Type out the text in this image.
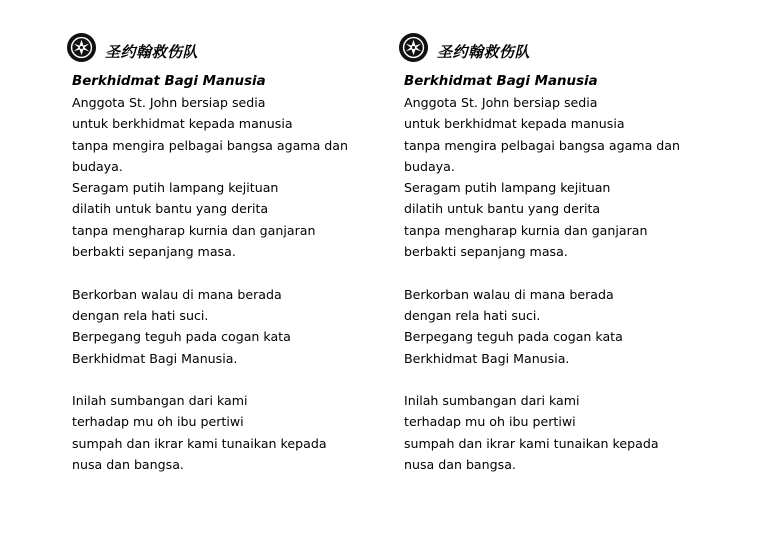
圣约翰救伤队
Berkhidmat Bagi Manusia
Anggota St. John bersiap sedia
untuk berkhidmat kepada manusia
tanpa mengira pelbagai bangsa agama dan
budaya.
Seragam putih lampang kejituan
dilatih untuk bantu yang derita
tanpa mengharap kurnia dan ganjaran
berbakti sepanjang masa.
Berkorban walau di mana berada
dengan rela hati suci.
Berpegang teguh pada cogan kata
Berkhidmat Bagi Manusia.
Inilah sumbangan dari kami
terhadap mu oh ibu pertiwi
sumpah dan ikrar kami tunaikan kepada
nusa dan bangsa.
圣约翰救伤队
Berkhidmat Bagi Manusia
Anggota St. John bersiap sedia
untuk berkhidmat kepada manusia
tanpa mengira pelbagai bangsa agama dan
budaya.
Seragam putih lampang kejituan
dilatih untuk bantu yang derita
tanpa mengharap kurnia dan ganjaran
berbakti sepanjang masa.
Berkorban walau di mana berada
dengan rela hati suci.
Berpegang teguh pada cogan kata
Berkhidmat Bagi Manusia.
Inilah sumbangan dari kami
terhadap mu oh ibu pertiwi
sumpah dan ikrar kami tunaikan kepada
nusa dan bangsa.
